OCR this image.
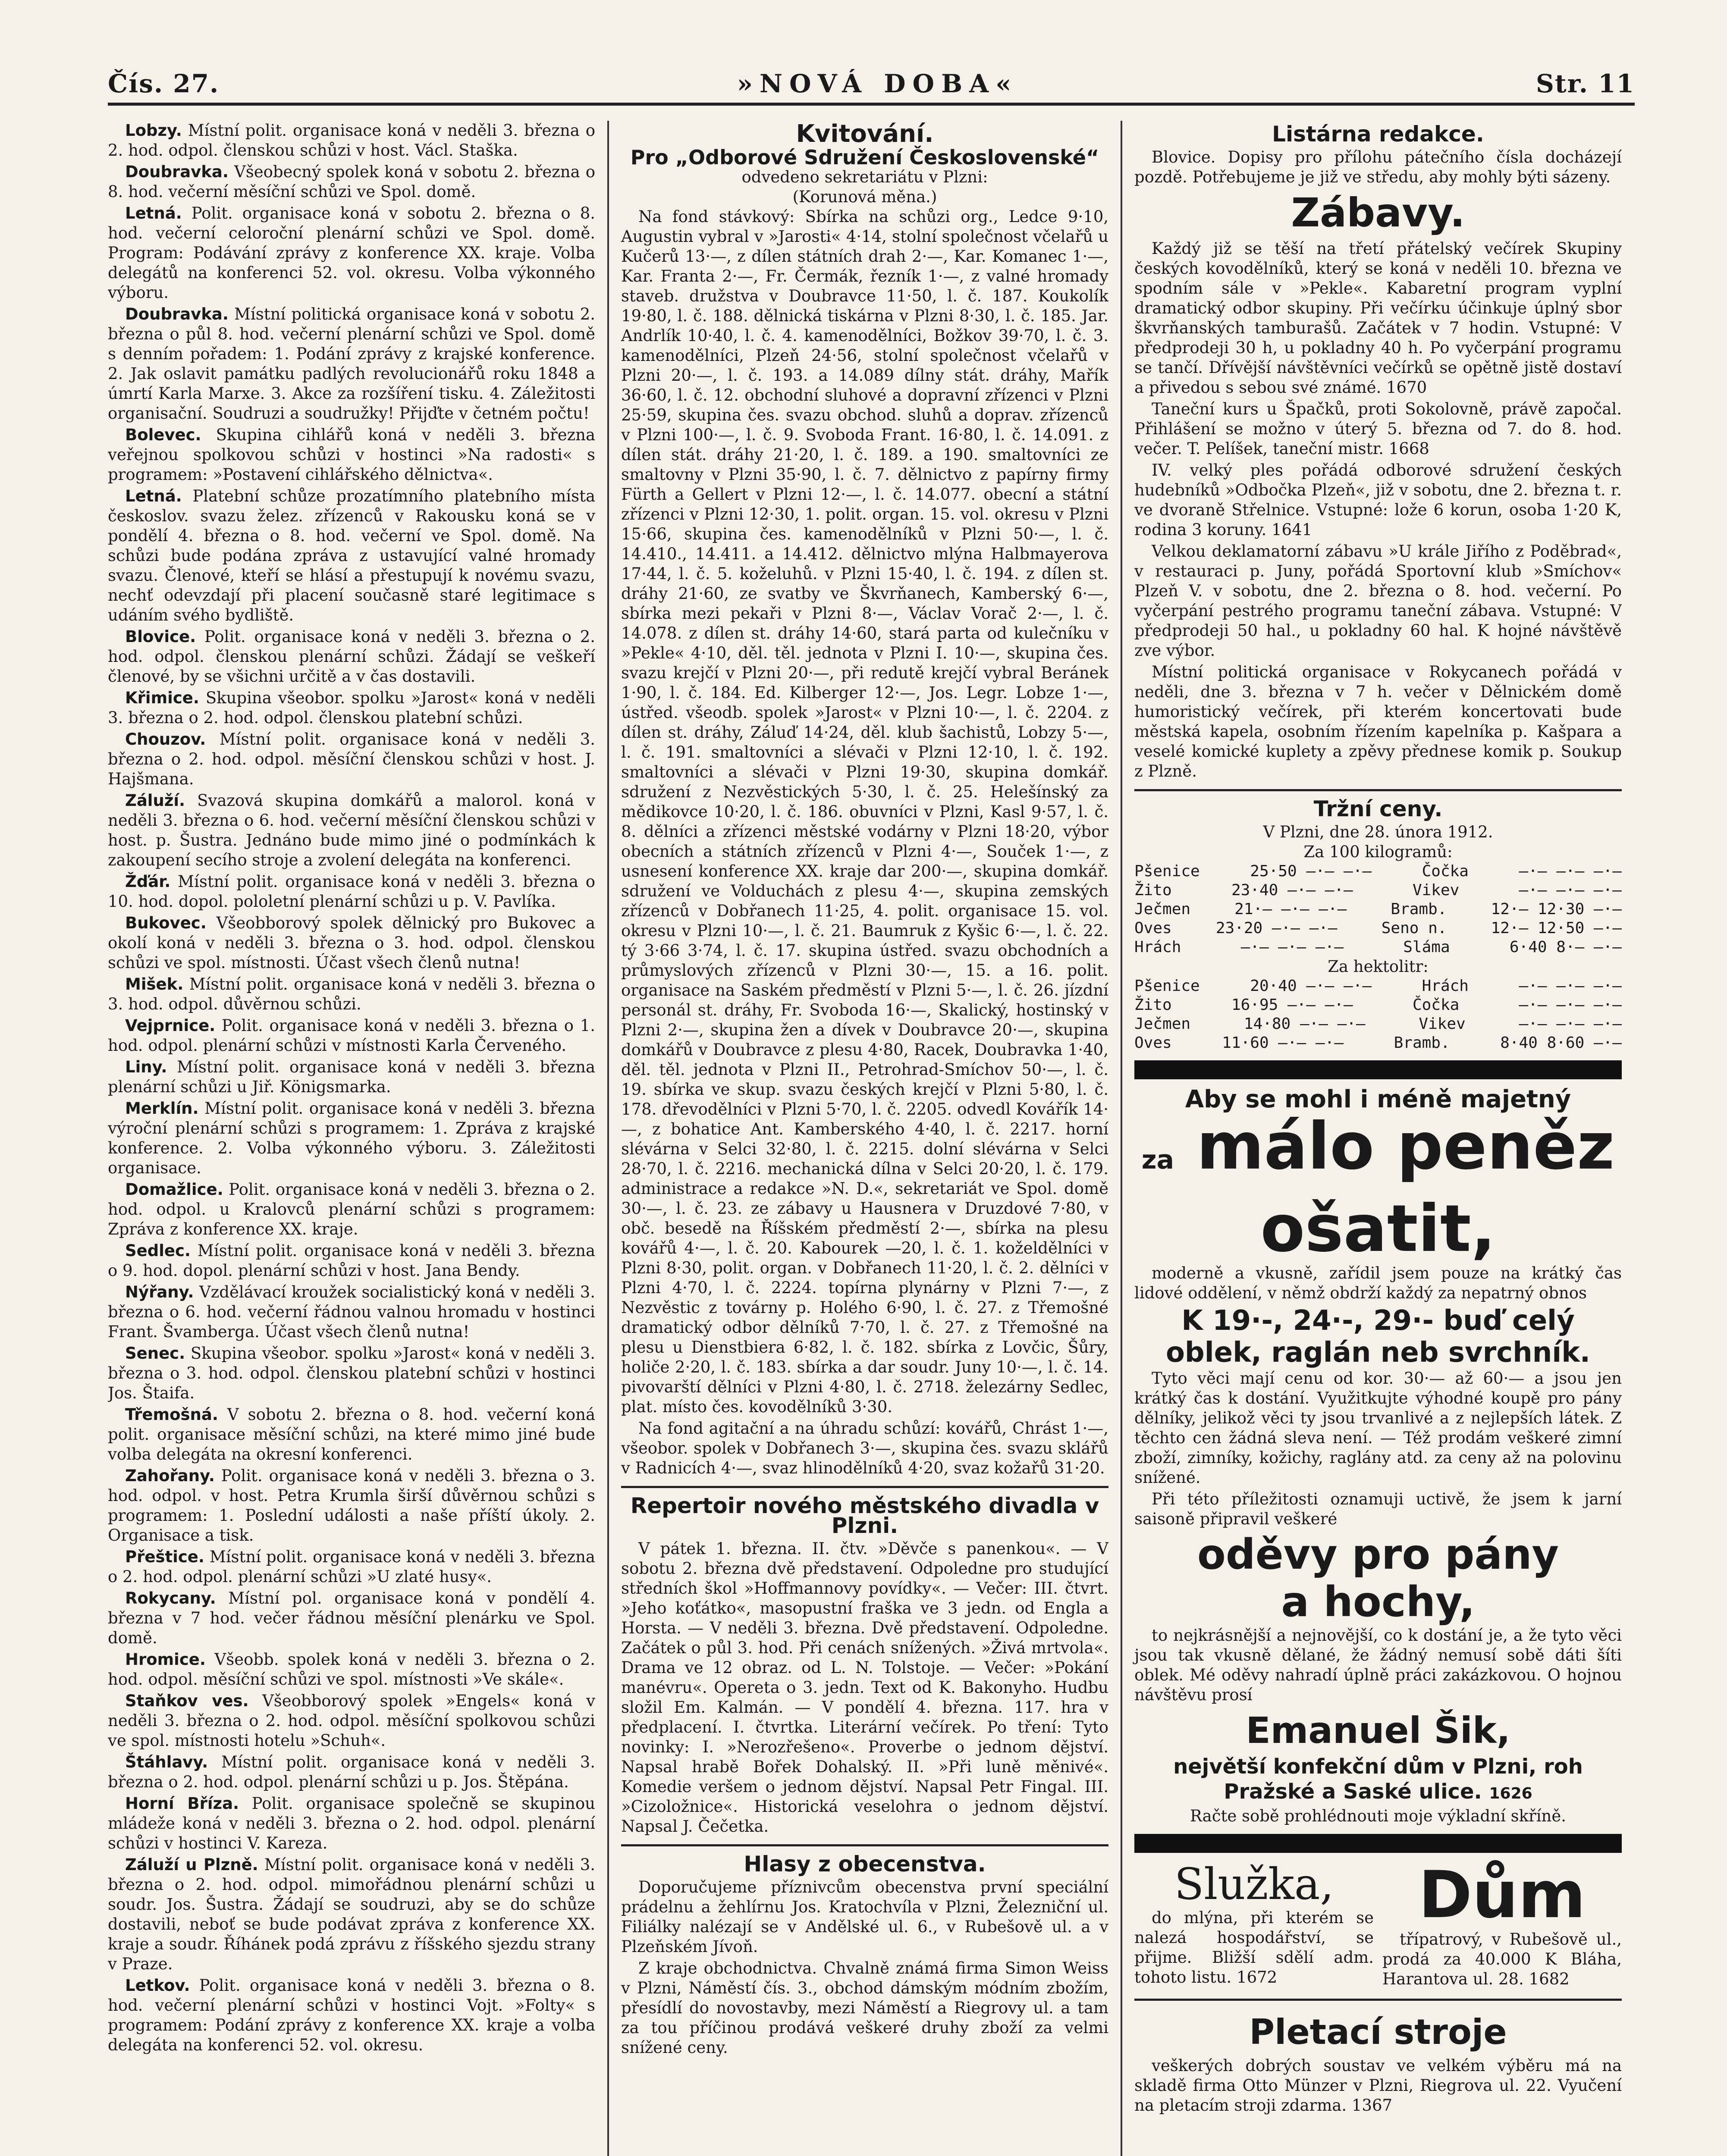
Čís. 27.	»NOVÁ DOBA«	Str. 11

Lobzy. Místní polit. organisace koná v neděli 3. března o 2. hod. odpol. členskou schůzi v host. Václ. Staška.

Doubravka. Všeobecný spolek koná v sobotu 2. března o 8. hod. večerní měsíční schůzi ve Spol. domě.

Letná. Polit. organisace koná v sobotu 2. března o 8. hod. večerní celoroční plenární schůzi ve Spol. domě. Program: Podávání zprávy z konference XX. kraje. Volba delegátů na konferenci 52. vol. okresu. Volba výkonného výboru.

Doubravka. Místní politická organisace koná v sobotu 2. března o půl 8. hod. večerní plenární schůzi ve Spol. domě s denním pořadem: 1. Podání zprávy z krajské konference. 2. Jak oslavit památku padlých revolucionářů roku 1848 a úmrtí Karla Marxe. 3. Akce za rozšíření tisku. 4. Záležitosti organisační. Soudruzi a soudružky! Přijďte v četném počtu!

Bolevec. Skupina cihlářů koná v neděli 3. března veřejnou spolkovou schůzi v hostinci »Na radosti« s programem: »Postavení cihlářského dělnictva«.

Letná. Platební schůze prozatímního platebního místa českoslov. svazu želez. zřízenců v Rakousku koná se v pondělí 4. března o 8. hod. večerní ve Spol. domě. Na schůzi bude podána zpráva z ustavující valné hromady svazu. Členové, kteří se hlásí a přestupují k novému svazu, nechť odevzdají při placení současně staré legitimace s udáním svého bydliště.

Blovice. Polit. organisace koná v neděli 3. března o 2. hod. odpol. členskou plenární schůzi. Žádají se veškeří členové, by se všichni určitě a v čas dostavili.

Křimice. Skupina všeobor. spolku »Jarost« koná v neděli 3. března o 2. hod. odpol. členskou platební schůzi.

Chouzov. Místní polit. organisace koná v neděli 3. března o 2. hod. odpol. měsíční členskou schůzi v host. J. Hajšmana.

Záluží. Svazová skupina domkářů a malorol. koná v neděli 3. března o 6. hod. večerní měsíční členskou schůzi v host. p. Šustra. Jednáno bude mimo jiné o podmínkách k zakoupení secího stroje a zvolení delegáta na konferenci.

Žďár. Místní polit. organisace koná v neděli 3. března o 10. hod. dopol. pololetní plenární schůzi u p. V. Pavlíka.

Bukovec. Všeobborový spolek dělnický pro Bukovec a okolí koná v neděli 3. března o 3. hod. odpol. členskou schůzi ve spol. místnosti. Účast všech členů nutna!

Mišek. Místní polit. organisace koná v neděli 3. března o 3. hod. odpol. důvěrnou schůzi.

Vejprnice. Polit. organisace koná v neděli 3. března o 1. hod. odpol. plenární schůzi v místnosti Karla Červeného.

Liny. Místní polit. organisace koná v neděli 3. března plenární schůzi u Jiř. Königsmarka.

Merklín. Místní polit. organisace koná v neděli 3. března výroční plenární schůzi s programem: 1. Zpráva z krajské konference. 2. Volba výkonného výboru. 3. Záležitosti organisace.

Domažlice. Polit. organisace koná v neděli 3. března o 2. hod. odpol. u Kralovců plenární schůzi s programem: Zpráva z konference XX. kraje.

Sedlec. Místní polit. organisace koná v neděli 3. března o 9. hod. dopol. plenární schůzi v host. Jana Bendy.

Nýřany. Vzdělávací kroužek socialistický koná v neděli 3. března o 6. hod. večerní řádnou valnou hromadu v hostinci Frant. Švamberga. Účast všech členů nutna!

Senec. Skupina všeobor. spolku »Jarost« koná v neděli 3. března o 3. hod. odpol. členskou platební schůzi v hostinci Jos. Štaifa.

Třemošná. V sobotu 2. března o 8. hod. večerní koná polit. organisace měsíční schůzi, na které mimo jiné bude volba delegáta na okresní konferenci.

Zahořany. Polit. organisace koná v neděli 3. března o 3. hod. odpol. v host. Petra Krumla širší důvěrnou schůzi s programem: 1. Poslední události a naše příští úkoly. 2. Organisace a tisk.

Přeštice. Místní polit. organisace koná v neděli 3. března o 2. hod. odpol. plenární schůzi »U zlaté husy«.

Rokycany. Místní pol. organisace koná v pondělí 4. března v 7 hod. večer řádnou měsíční plenárku ve Spol. domě.

Hromice. Všeobb. spolek koná v neděli 3. března o 2. hod. odpol. měsíční schůzi ve spol. místnosti »Ve skále«.

Staňkov ves. Všeobborový spolek »Engels« koná v neděli 3. března o 2. hod. odpol. měsíční spolkovou schůzi ve spol. místnosti hotelu »Schuh«.

Štáhlavy. Místní polit. organisace koná v neděli 3. března o 2. hod. odpol. plenární schůzi u p. Jos. Štěpána.

Horní Bříza. Polit. organisace společně se skupinou mládeže koná v neděli 3. března o 2. hod. odpol. plenární schůzi v hostinci V. Kareza.

Záluží u Plzně. Místní polit. organisace koná v neděli 3. března o 2. hod. odpol. mimořádnou plenární schůzi u soudr. Jos. Šustra. Žádají se soudruzi, aby se do schůze dostavili, neboť se bude podávat zpráva z konference XX. kraje a soudr. Říhánek podá zprávu z říšského sjezdu strany v Praze.

Letkov. Polit. organisace koná v neděli 3. března o 8. hod. večerní plenární schůzi v hostinci Vojt. »Folty« s programem: Podání zprávy z konference XX. kraje a volba delegáta na konferenci 52. vol. okresu.

Kvitování.
Pro „Odborové Sdružení Československé“
odvedeno sekretariátu v Plzni:
(Korunová měna.)

Na fond stávkový: Sbírka na schůzi org., Ledce 9·10, Augustin vybral v »Jarosti« 4·14, stolní společnost včelařů u Kučerů 13·—, z dílen státních drah 2·—, Kar. Komanec 1·—, Kar. Franta 2·—, Fr. Čermák, řezník 1·—, z valné hromady staveb. družstva v Doubravce 11·50, l. č. 187. Koukolík 19·80, l. č. 188. dělnická tiskárna v Plzni 8·30, l. č. 185. Jar. Andrlík 10·40, l. č. 4. kamenodělníci, Božkov 39·70, l. č. 3. kamenodělníci, Plzeň 24·56, stolní společnost včelařů v Plzni 20·—, l. č. 193. a 14.089 dílny stát. dráhy, Mařík 36·60, l. č. 12. obchodní sluhové a dopravní zřízenci v Plzni 25·59, skupina čes. svazu obchod. sluhů a doprav. zřízenců v Plzni 100·—, l. č. 9. Svoboda Frant. 16·80, l. č. 14.091. z dílen stát. dráhy 21·20, l. č. 189. a 190. smaltovníci ze smaltovny v Plzni 35·90, l. č. 7. dělnictvo z papírny firmy Fürth a Gellert v Plzni 12·—, l. č. 14.077. obecní a státní zřízenci v Plzni 12·30, 1. polit. organ. 15. vol. okresu v Plzni 15·66, skupina čes. kamenodělníků v Plzni 50·—, l. č. 14.410., 14.411. a 14.412. dělnictvo mlýna Halbmayerova 17·44, l. č. 5. koželuhů. v Plzni 15·40, l. č. 194. z dílen st. dráhy 21·60, ze svatby ve Škvrňanech, Kamberský 6·—, sbírka mezi pekaři v Plzni 8·—, Václav Vorač 2·—, l. č. 14.078. z dílen st. dráhy 14·60, stará parta od kulečníku v »Pekle« 4·10, děl. těl. jednota v Plzni I. 10·—, skupina čes. svazu krejčí v Plzni 20·—, při redutě krejčí vybral Beránek 1·90, l. č. 184. Ed. Kilberger 12·—, Jos. Legr. Lobze 1·—, ústřed. všeodb. spolek »Jarost« v Plzni 10·—, l. č. 2204. z dílen st. dráhy, Záluď 14·24, děl. klub šachistů, Lobzy 5·—, l. č. 191. smaltovníci a slévači v Plzni 12·10, l. č. 192. smaltovníci a slévači v Plzni 19·30, skupina domkář. sdružení z Nezvěstických 5·30, l. č. 25. Helešínský za mědikovce 10·20, l. č. 186. obuvníci v Plzni, Kasl 9·57, l. č. 8. dělníci a zřízenci městské vodárny v Plzni 18·20, výbor obecních a státních zřízenců v Plzni 4·—, Souček 1·—, z usnesení konference XX. kraje dar 200·—, skupina domkář. sdružení ve Volduchách z plesu 4·—, skupina zemských zřízenců v Dobřanech 11·25, 4. polit. organisace 15. vol. okresu v Plzni 10·—, l. č. 21. Baumruk z Kyšic 6·—, l. č. 22. tý 3·66 3·74, l. č. 17. skupina ústřed. svazu obchodních a průmyslových zřízenců v Plzni 30·—, 15. a 16. polit. organisace na Saském předměstí v Plzni 5·—, l. č. 26. jízdní personál st. dráhy, Fr. Svoboda 16·—, Skalický, hostinský v Plzni 2·—, skupina žen a dívek v Doubravce 20·—, skupina domkářů v Doubravce z plesu 4·80, Racek, Doubravka 1·40, děl. těl. jednota v Plzni II., Petrohrad-Smíchov 50·—, l. č. 19. sbírka ve skup. svazu českých krejčí v Plzni 5·80, l. č. 178. dřevodělníci v Plzni 5·70, l. č. 2205. odvedl Kovářík 14·—, z bohatice Ant. Kamberského 4·40, l. č. 2217. horní slévárna v Selci 32·80, l. č. 2215. dolní slévárna v Selci 28·70, l. č. 2216. mechanická dílna v Selci 20·20, l. č. 179. administrace a redakce »N. D.«, sekretariát ve Spol. domě 30·—, l. č. 23. ze zábavy u Hausnera v Druzdové 7·80, v obč. besedě na Říšském předměstí 2·—, sbírka na plesu kovářů 4·—, l. č. 20. Kabourek —20, l. č. 1. koželdělníci v Plzni 8·30, polit. organ. v Dobřanech 11·20, l. č. 2. dělníci v Plzni 4·70, l. č. 2224. topírna plynárny v Plzni 7·—, z Nezvěstic z továrny p. Holého 6·90, l. č. 27. z Třemošné dramatický odbor dělníků 7·70, l. č. 27. z Třemošné na plesu u Dienstbiera 6·82, l. č. 182. sbírka z Lovčic, Šůry, holiče 2·20, l. č. 183. sbírka a dar soudr. Juny 10·—, l. č. 14. pivovarští dělníci v Plzni 4·80, l. č. 2718. železárny Sedlec, plat. místo čes. kovodělníků 3·30.

Na fond agitační a na úhradu schůzí: kovářů, Chrást 1·—, všeobor. spolek v Dobřanech 3·—, skupina čes. svazu sklářů v Radnicích 4·—, svaz hlinodělníků 4·20, svaz kožařů 31·20.

Repertoir nového městského divadla v Plzni.

V pátek 1. března. II. čtv. »Děvče s panenkou«. — V sobotu 2. března dvě představení. Odpoledne pro studující středních škol »Hoffmannovy povídky«. — Večer: III. čtvrt. »Jeho koťátko«, masopustní fraška ve 3 jedn. od Engla a Horsta. — V neděli 3. března. Dvě představení. Odpoledne. Začátek o půl 3. hod. Při cenách snížených. »Živá mrtvola«. Drama ve 12 obraz. od L. N. Tolstoje. — Večer: »Pokání manévru«. Opereta o 3. jedn. Text od K. Bakonyho. Hudbu složil Em. Kalmán. — V pondělí 4. března. 117. hra v předplacení. I. čtvrtka. Literární večírek. Po tření: Tyto novinky: I. »Nerozřešeno«. Proverbe o jednom dějství. Napsal hrabě Bořek Dohalský. II. »Při luně měnivé«. Komedie veršem o jednom dějství. Napsal Petr Fingal. III. »Cizoložnice«. Historická veselohra o jednom dějství. Napsal J. Čečetka.

Hlasy z obecenstva.

Doporučujeme příznivcům obecenstva první speciální prádelnu a žehlírnu Jos. Kratochvíla v Plzni, Železniční ul. Filiálky nalézají se v Andělské ul. 6., v Rubešově ul. a v Plzeňském Jívoň.

Z kraje obchodnictva. Chvalně známá firma Simon Weiss v Plzni, Náměstí čís. 3., obchod dámským módním zbožím, přesídlí do novostavby, mezi Náměstí a Riegrovy ul. a tam za tou příčinou prodává veškeré druhy zboží za velmi snížené ceny.

Listárna redakce.

Blovice. Dopisy pro přílohu pátečního čísla docházejí pozdě. Potřebujeme je již ve středu, aby mohly býti sázeny.

Zábavy.

Každý již se těší na třetí přátelský večírek Skupiny českých kovodělníků, který se koná v neděli 10. března ve spodním sále v »Pekle«. Kabaretní program vyplní dramatický odbor skupiny. Při večírku účinkuje úplný sbor škvrňanských tamburašů. Začátek v 7 hodin. Vstupné: V předprodeji 30 h, u pokladny 40 h. Po vyčerpání programu se tančí. Dřívější návštěvníci večírků se opětně jistě dostaví a přivedou s sebou své známé. 1670

Taneční kurs u Špačků, proti Sokolovně, právě započal. Přihlášení se možno v úterý 5. března od 7. do 8. hod. večer. T. Pelíšek, taneční mistr. 1668

IV. velký ples pořádá odborové sdružení českých hudebníků »Odbočka Plzeň«, již v sobotu, dne 2. března t. r. ve dvoraně Střelnice. Vstupné: lože 6 korun, osoba 1·20 K, rodina 3 koruny. 1641

Velkou deklamatorní zábavu »U krále Jiřího z Poděbrad«, v restauraci p. Juny, pořádá Sportovní klub »Smíchov« Plzeň V. v sobotu, dne 2. března o 8. hod. večerní. Po vyčerpání pestrého programu taneční zábava. Vstupné: V předprodeji 50 hal., u pokladny 60 hal. K hojné návštěvě zve výbor.

Místní politická organisace v Rokycanech pořádá v neděli, dne 3. března v 7 h. večer v Dělnickém domě humoristický večírek, při kterém koncertovati bude městská kapela, osobním řízením kapelníka p. Kašpara a veselé komické kuplety a zpěvy přednese komik p. Soukup z Plzně.

Tržní ceny.
V Plzni, dne 28. února 1912.
Za 100 kilogramů:
Pšenice	25·50 —·— —·—	Čočka	—·— —·— —·—
Žito	23·40 —·— —·—	Vikev	—·— —·— —·—
Ječmen	21·— —·— —·—	Bramb.	12·— 12·30 —·—
Oves	23·20 —·— —·—	Seno n.	12·— 12·50 —·—
Hrách	—·— —·— —·—	Sláma	6·40 8·— —·—
Za hektolitr:
Pšenice	20·40 —·— —·—	Hrách	—·— —·— —·—
Žito	16·95 —·— —·—	Čočka	—·— —·— —·—
Ječmen	14·80 —·— —·—	Vikev	—·— —·— —·—
Oves	11·60 —·— —·—	Bramb.	8·40 8·60 —·—
Aby se mohl i méně majetný
za málo peněz
ošatit,

moderně a vkusně, zařídil jsem pouze na krátký čas lidové oddělení, v němž obdrží každý za nepatrný obnos

K 19·-, 24·-, 29·- buď celý
oblek, raglán neb svrchník.

Tyto věci mají cenu od kor. 30·— až 60·— a jsou jen krátký čas k dostání. Využitkujte výhodné koupě pro pány dělníky, jelikož věci ty jsou trvanlivé a z nejlepších látek. Z těchto cen žádná sleva není. — Též prodám veškeré zimní zboží, zimníky, kožichy, raglány atd. za ceny až na polovinu snížené.

Při této příležitosti oznamuji uctivě, že jsem k jarní saisoně připravil veškeré

oděvy pro pány
a hochy,

to nejkrásnější a nejnovější, co k dostání je, a že tyto věci jsou tak vkusně dělané, že žádný nemusí sobě dáti šíti oblek. Mé oděvy nahradí úplně práci zakázkovou. O hojnou návštěvu prosí

Emanuel Šik,
největší konfekční dům v Plzni, roh Pražské a Saské ulice. 1626
Račte sobě prohlédnouti moje výkladní skříně.
Služka,

do mlýna, při kterém se nalezá hospodářství, se přijme. Bližší sdělí adm. tohoto listu. 1672

Dům

třípatrový, v Rubešově ul., prodá za 40.000 K Bláha, Harantova ul. 28. 1682

Pletací stroje

veškerých dobrých soustav ve velkém výběru má na skladě firma Otto Münzer v Plzni, Riegrova ul. 22. Vyučení na pletacím stroji zdarma. 1367
